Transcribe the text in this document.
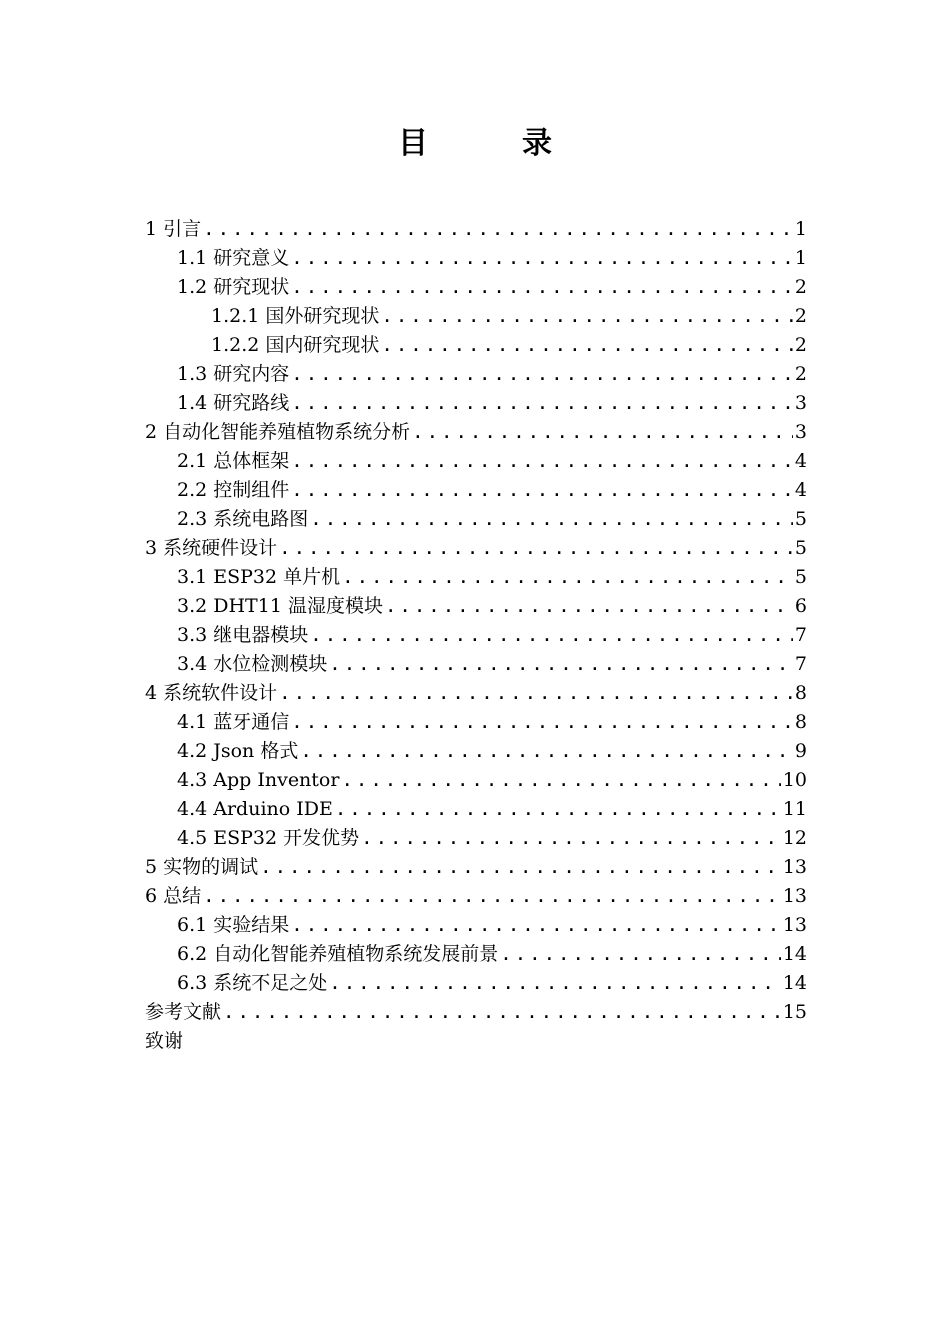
目　录
1 引言 .....	1
1.1 研究意义 .....	1
1.2 研究现状 .....	2
1.2.1 国外研究现状 .....	2
1.2.2 国内研究现状 .....	2
1.3 研究内容 .....	2
1.4 研究路线 .....	3
2 自动化智能养殖植物系统分析 .....	3
2.1 总体框架 .....	4
2.2 控制组件 .....	4
2.3 系统电路图 .....	5
3 系统硬件设计 .....	5
3.1 ESP32 单片机 .....	5
3.2 DHT11 温湿度模块 .....	6
3.3 继电器模块 .....	7
3.4 水位检测模块 .....	7
4 系统软件设计 .....	8
4.1 蓝牙通信 .....	8
4.2 Json 格式 .....	9
4.3 App Inventor .....	10
4.4 Arduino IDE .....	11
4.5 ESP32 开发优势 .....	12
5 实物的调试 .....	13
6 总结 .....	13
6.1 实验结果 .....	13
6.2 自动化智能养殖植物系统发展前景 .....	14
6.3 系统不足之处 .....	14
参考文献 .....	15
致谢
